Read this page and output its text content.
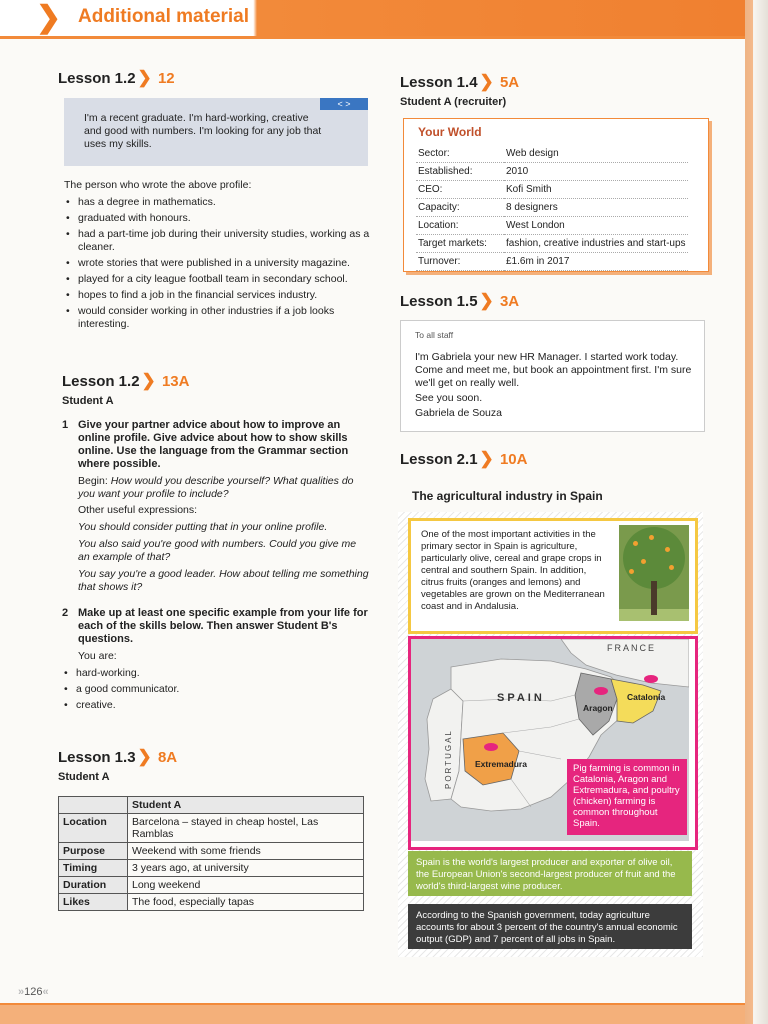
❯ Additional material
Lesson 1.2 ❯ 12
< >
I'm a recent graduate. I'm hard-working, creative and good with numbers. I'm looking for any job that uses my skills.
The person who wrote the above profile:
• has a degree in mathematics.
• graduated with honours.
• had a part-time job during their university studies, working as a cleaner.
• wrote stories that were published in a university magazine.
• played for a city league football team in secondary school.
• hopes to find a job in the financial services industry.
• would consider working in other industries if a job looks interesting.
Lesson 1.2 ❯ 13A
Student A
1 Give your partner advice about how to improve an online profile. Give advice about how to show skills online. Use the language from the Grammar section where possible.
Begin: How would you describe yourself? What qualities do you want your profile to include?
Other useful expressions:
You should consider putting that in your online profile.
You also said you're good with numbers. Could you give me an example of that?
You say you're a good leader. How about telling me something that shows it?
2 Make up at least one specific example from your life for each of the skills below. Then answer Student B's questions.
You are:
• hard-working.
• a good communicator.
• creative.
Lesson 1.3 ❯ 8A
Student A
	Student A
Location	Barcelona – stayed in cheap hostel, Las Ramblas
Purpose	Weekend with some friends
Timing	3 years ago, at university
Duration	Long weekend
Likes	The food, especially tapas
Lesson 1.4 ❯ 5A
Student A (recruiter)
Your World
Sector:	Web design
Established:	2010
CEO:	Kofi Smith
Capacity:	8 designers
Location:	West London
Target markets:	fashion, creative industries and start-ups
Turnover:	£1.6m in 2017
Lesson 1.5 ❯ 3A
To all staff
I'm Gabriela your new HR Manager. I started work today. Come and meet me, but book an appointment first. I'm sure we'll get on really well.
See you soon.
Gabriela de Souza
Lesson 2.1 ❯ 10A
The agricultural industry in Spain
One of the most important activities in the primary sector in Spain is agriculture, particularly olive, cereal and grape crops in central and southern Spain. In addition, citrus fruits (oranges and lemons) and vegetables are grown on the Mediterranean coast and in Andalusia.
FRANCE
SPAIN	Catalonia
Aragon
Extremadura
PORTUGAL	Pig farming is common in Catalonia, Aragon and Extremadura, and poultry (chicken) farming is common throughout Spain.
Spain is the world's largest producer and exporter of olive oil, the European Union's second-largest producer of fruit and the world's third-largest wine producer.
According to the Spanish government, today agriculture accounts for about 3 percent of the country's annual economic output (GDP) and 7 percent of all jobs in Spain.
»126«
